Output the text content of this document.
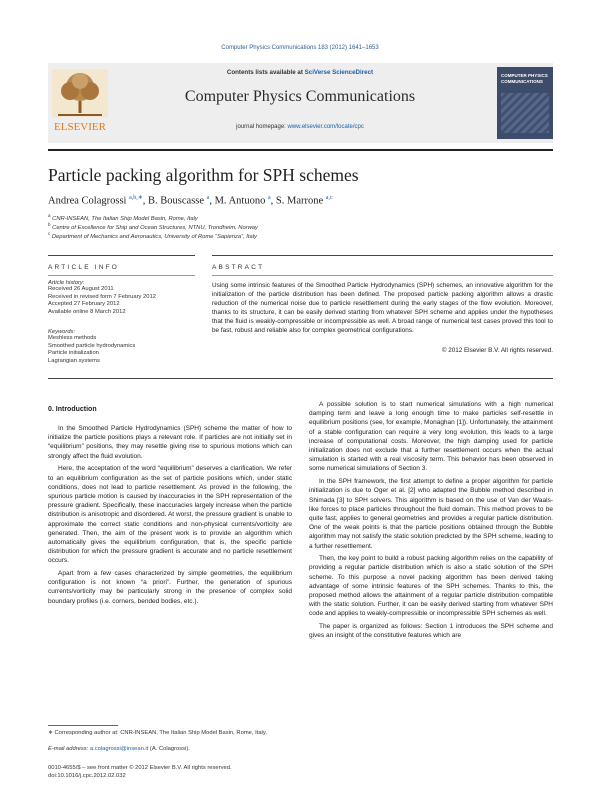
Computer Physics Communications 183 (2012) 1641–1653
ELSEVIER
Contents lists available at SciVerse ScienceDirect
Computer Physics Communications
journal homepage: www.elsevier.com/locate/cpc
COMPUTER PHYSICS COMMUNICATIONS
Particle packing algorithm for SPH schemes
Andrea Colagrossi $^{a,b,∗}$, B. Bouscasse $^a$, M. Antuono $^a$, S. Marrone $^{a,c}$
$^a$ CNR-INSEAN, The Italian Ship Model Basin, Rome, Italy
$^b$ Centre of Excellence for Ship and Ocean Structures, NTNU, Trondheim, Norway
$^c$ Department of Mechanics and Aeronautics, University of Rome “Sapienza”, Italy
ARTICLE INFO
Article history:
Received 26 August 2011
Received in revised form 7 February 2012
Accepted 27 February 2012
Available online 8 March 2012
Keywords:
Meshless methods
Smoothed particle hydrodynamics
Particle initialization
Lagrangian systems
ABSTRACT
Using some intrinsic features of the Smoothed Particle Hydrodynamics (SPH) schemes, an innovative algorithm for the initialization of the particle distribution has been defined. The proposed particle packing algorithm allows a drastic reduction of the numerical noise due to particle resettlement during the early stages of the flow evolution. Moreover, thanks to its structure, it can be easily derived starting from whatever SPH scheme and applies under the hypotheses that the fluid is weakly-compressible or incompressible as well. A broad range of numerical test cases proved this tool to be fast, robust and reliable also for complex geometrical configurations.
© 2012 Elsevier B.V. All rights reserved.
0. Introduction

In the Smoothed Particle Hydrodynamics (SPH) scheme the matter of how to initialize the particle positions plays a relevant role. If particles are not initially set in “equilibrium” positions, they may resettle giving rise to spurious motions which can strongly affect the fluid evolution.

Here, the acceptation of the word “equilibrium” deserves a clarification. We refer to an equilibrium configuration as the set of particle positions which, under static conditions, does not lead to particle resettlement. As proved in the following, the spurious particle motion is caused by inaccuracies in the SPH representation of the pressure gradient. Specifically, these inaccuracies largely increase when the particle distribution is anisotropic and disordered. At worst, the pressure gradient is unable to approximate the correct static conditions and non-physical currents/vorticity are generated. Then, the aim of the present work is to provide an algorithm which automatically gives the equilibrium configuration, that is, the specific particle distribution for which the pressure gradient is accurate and no particle resettlement occurs.

Apart from a few cases characterized by simple geometries, the equilibrium configuration is not known “a priori”. Further, the generation of spurious currents/vorticity may be particularly strong in the presence of complex solid boundary profiles (i.e. corners, bended bodies, etc.).

A possible solution is to start numerical simulations with a high numerical damping term and leave a long enough time to make particles self-resettle in equilibrium positions (see, for example, Monaghan [1]). Unfortunately, the attainment of a stable configuration can require a very long evolution, this leads to a large increase of computational costs. Moreover, the high damping used for particle initialization does not exclude that a further resettlement occurs when the actual simulation is started with a real viscosity term. This behavior has been observed in some numerical simulations of Section 3.

In the SPH framework, the first attempt to define a proper algorithm for particle initialization is due to Oger et al. [2] who adapted the Bubble method described in Shimada [3] to SPH solvers. This algorithm is based on the use of Van der Waals-like forces to place particles throughout the fluid domain. This method proves to be quite fast, applies to general geometries and provides a regular particle distribution. One of the weak points is that the particle positions obtained through the Bubble algorithm may not satisfy the static solution predicted by the SPH scheme, leading to a further resettlement.

Then, the key point to build a robust packing algorithm relies on the capability of providing a regular particle distribution which is also a static solution of the SPH scheme. To this purpose a novel packing algorithm has been derived taking advantage of some intrinsic features of the SPH schemes. Thanks to this, the proposed method allows the attainment of a regular particle distribution compatible with the static solution. Further, it can be easily derived starting from whatever SPH code and applies to weakly-compressible or incompressible SPH schemes as well.

The paper is organized as follows: Section 1 introduces the SPH scheme and gives an insight of the constitutive features which are

∗ Corresponding author at: CNR-INSEAN, The Italian Ship Model Basin, Rome, Italy.
E-mail address: a.colagrossi@insean.it (A. Colagrossi).
0010-4655/$ – see front matter © 2012 Elsevier B.V. All rights reserved.
doi:10.1016/j.cpc.2012.02.032
